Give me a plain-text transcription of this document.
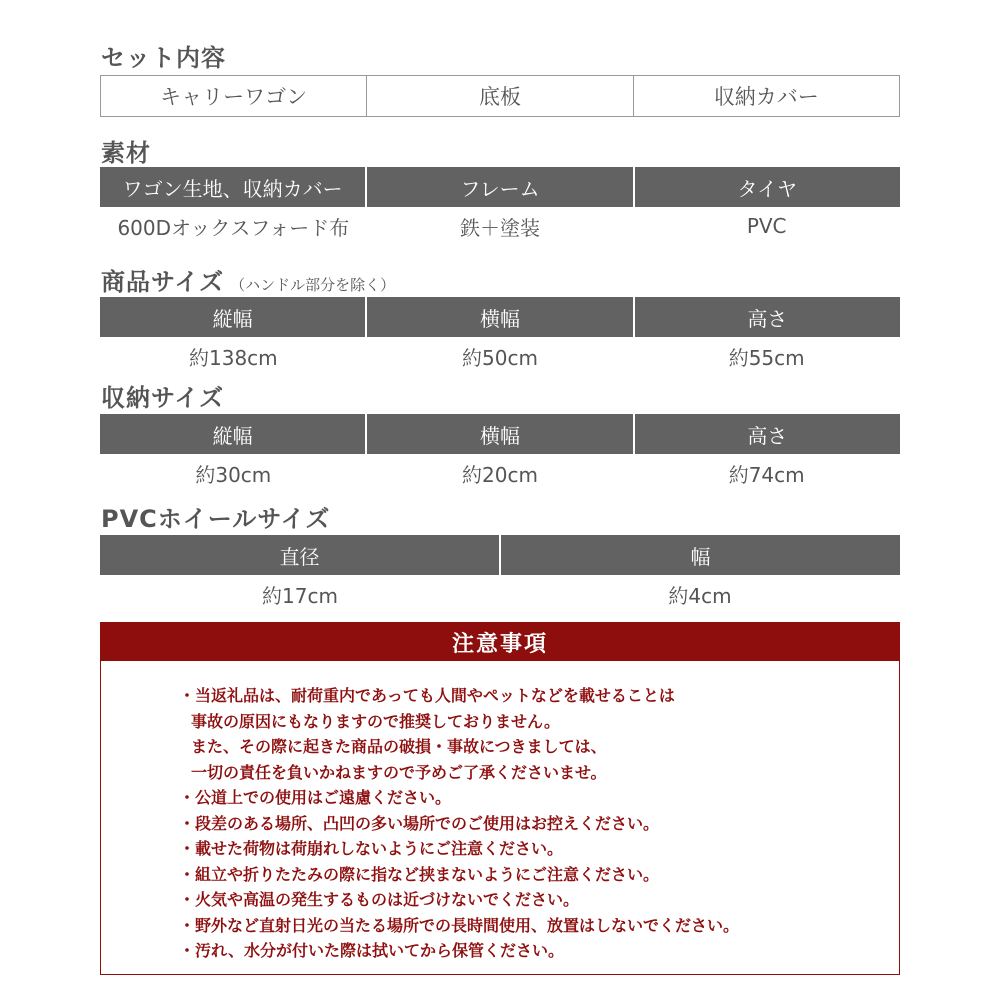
セット内容
キャリーワゴン	底板	収納カバー
素材
ワゴン生地、収納カバー	フレーム	タイヤ
600Dオックスフォード布	鉄＋塗装	PVC
商品サイズ （ハンドル部分を除く）
縦幅	横幅	高さ
約138cm	約50cm	約55cm
収納サイズ
縦幅	横幅	高さ
約30cm	約20cm	約74cm
PVCホイールサイズ
直径	幅
約17cm	約4cm
注意事項
・当返礼品は、耐荷重内であっても人間やペットなどを載せることは
事故の原因にもなりますので推奨しておりません。
また、その際に起きた商品の破損・事故につきましては、
一切の責任を負いかねますので予めご了承くださいませ。
・公道上での使用はご遠慮ください。
・段差のある場所、凸凹の多い場所でのご使用はお控えください。
・載せた荷物は荷崩れしないようにご注意ください。
・組立や折りたたみの際に指など挟まないようにご注意ください。
・火気や高温の発生するものは近づけないでください。
・野外など直射日光の当たる場所での長時間使用、放置はしないでください。
・汚れ、水分が付いた際は拭いてから保管ください。
